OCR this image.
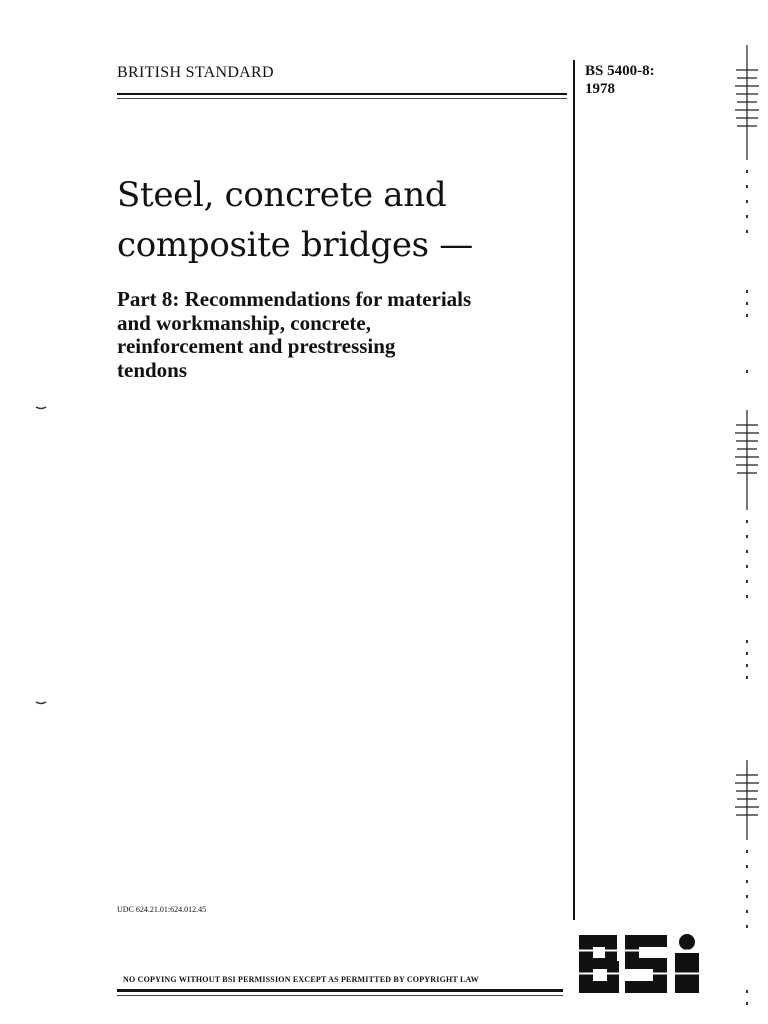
BRITISH STANDARD	BS 5400-8:
1978
Steel, concrete and
composite bridges —
Part 8: Recommendations for materials
and workmanship, concrete,
reinforcement and prestressing
tendons
UDC 624.21.01:624.012.45
NO COPYING WITHOUT BSI PERMISSION EXCEPT AS PERMITTED BY COPYRIGHT LAW
